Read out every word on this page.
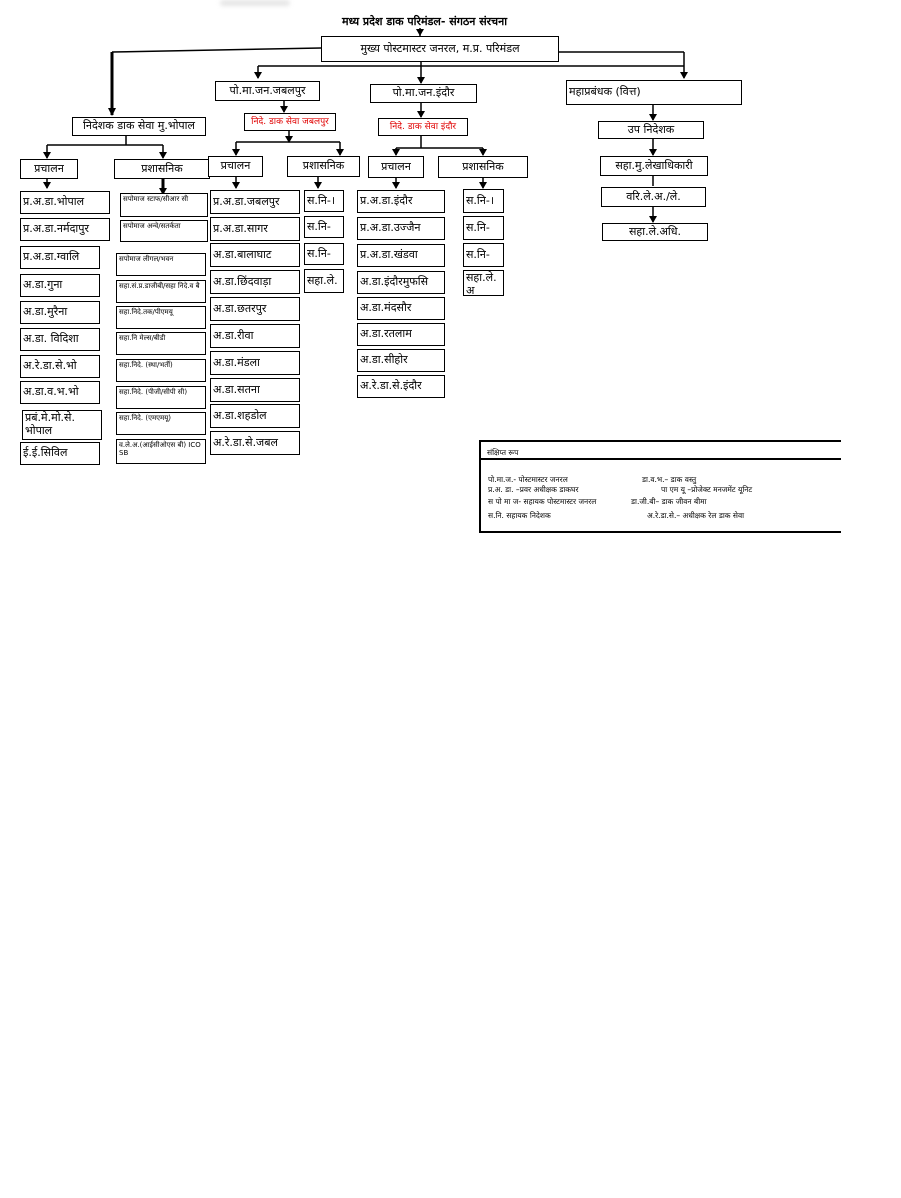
मध्य प्रदेश डाक परिमंडल- संगठन संरचना
मुख्य पोस्टमास्टर जनरल, म.प्र. परिमंडल
निदेशक डाक सेवा मु.भोपाल
प्रचालन	प्रशासनिक
प्र.अ.डा.भोपाल
प्र.अ.डा.नर्मदापुर
प्र.अ.डा.ग्वालि
अ.डा.गुना
अ.डा.मुरैना
अ.डा. विदिशा
अ.रे.डा.से.भो
अ.डा.व.भ.भो
प्रबं.मे.मो.से. भोपाल
ई.ई.सिविल
सपोमाज स्टाफ/सीआर सी
सपोमाज अन्वे/सतर्कता
सपोमाज लीगल/भवन
सहा.सं.प्र.डाजीबी/सहा निदे.व बै
सहा.निदे.तक/पीएमयू
सहा.नि मेल्स/बीडी
सहा.निदे. (स्था/भर्ती)
सहा.निदे. (पीजी/सीपी सी)
सहा.निदे. (एमएमयू)
व.ले.अ.(आईसीओएस बी) ICO SB
पो.मा.जन.जबलपुर
निदे. डाक सेवा जबलपुर
प्रचालन	प्रशासनिक
प्र.अ.डा.जबलपुर
प्र.अ.डा.सागर
अ.डा.बालाघाट
अ.डा.छिंदवाड़ा
अ.डा.छतरपुर
अ.डा.रीवा
अ.डा.मंडला
अ.डा.सतना
अ.डा.शहडोल
अ.रे.डा.से.जबल
स.नि-।
स.नि-
स.नि-
सहा.ले.
पो.मा.जन.इंदौर
निदे. डाक सेवा इंदौर
प्रचालन	प्रशासनिक
प्र.अ.डा.इंदौर
प्र.अ.डा.उज्जैन
प्र.अ.डा.खंडवा
अ.डा.इंदौरमुफसि
अ.डा.मंदसौर
अ.डा.रतलाम
अ.डा.सीहोर
अ.रे.डा.से.इंदौर
स.नि-।
स.नि-
स.नि-
सहा.ले. अ
महाप्रबंधक (वित्त)
उप निदेशक
सहा.मु.लेखाधिकारी
वरि.ले.अ./ले.
सहा.ले.अधि.
संक्षिप्त रूप
पो.मा.ज.- पोस्टमास्टर जनरल
प्र.अ. डा. –प्रवर अधीक्षक डाकघर
स पो मा ज- सहायक पोस्टमास्टर जनरल
स.नि. सहायक निदेशक
डा.व.भ.– डाक वस्तु
पा एम यू –प्रोजेक्ट मनजमेंट यूनिट
डा.जी.बी– डाक जीवन बीमा
अ.रे.डा.से.– अधीक्षक रेल डाक सेवा
